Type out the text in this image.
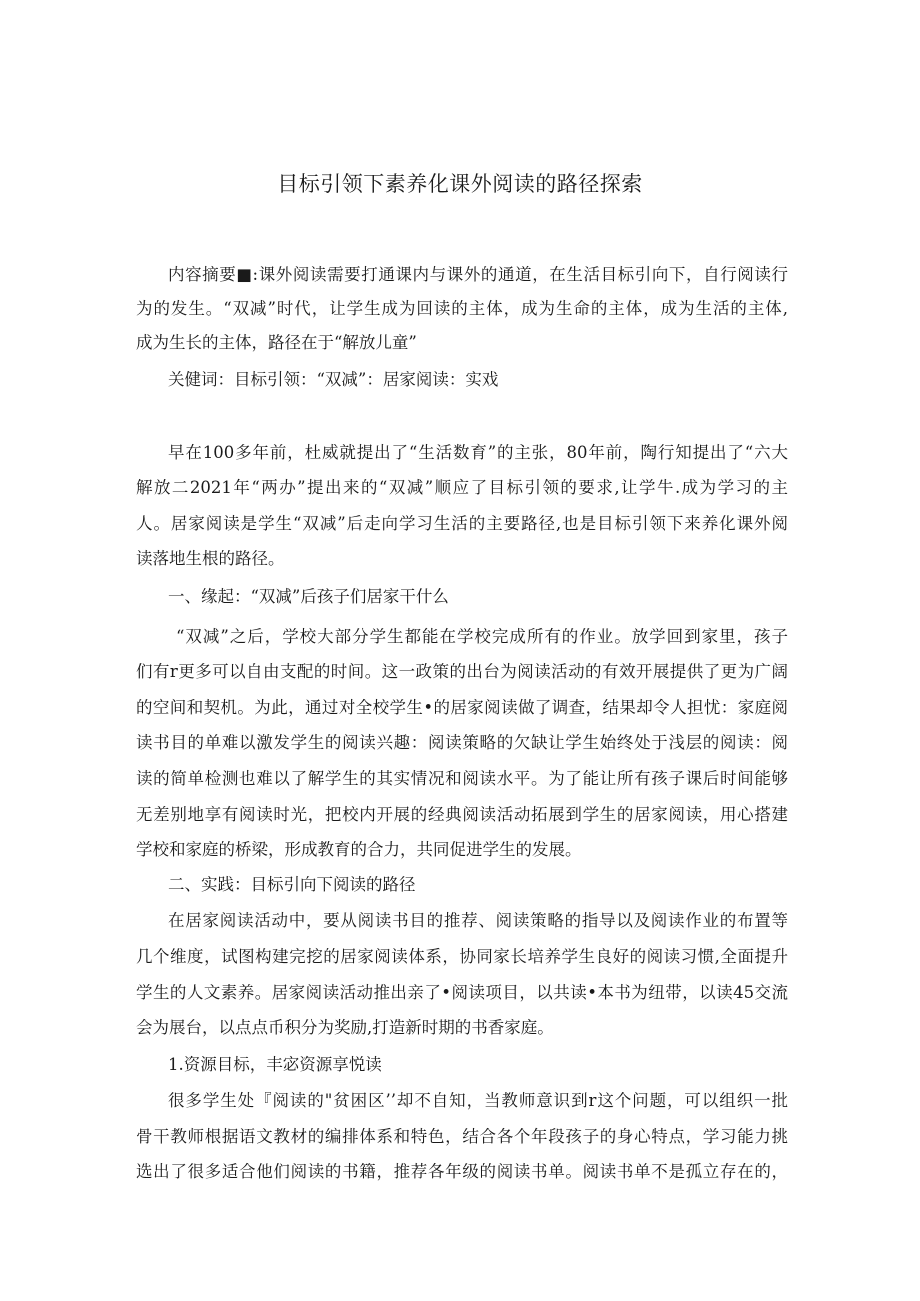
目标引领下素养化课外阅读的路径探索
内容摘要■:课外阅读需要打通课内与课外的通道，在生活目标引向下，自行阅读行
为的发生。“双减”时代，让学生成为回读的主体，成为生命的主体，成为生活的主体,
成为生长的主体，路径在于“解放儿童”
关健词：目标引领：“双减”：居家阅读：实戏
早在100多年前，杜威就提出了“生活数育”的主张，80年前，陶行知提出了“六大
解放二2021年“两办”提出来的“双减”顺应了目标引领的要求,让学牛.成为学习的主
人。居家阅读是学生“双减”后走向学习生活的主要路径,也是目标引领下来养化课外阅
读落地生根的路径。
一、缘起：“双减”后孩子们居家干什么
“双减”之后，学校大部分学生都能在学校完成所有的作业。放学回到家里，孩子
们有r更多可以自由支配的时间。这一政策的出台为阅读活动的有效开展提供了更为广阔
的空间和契机。为此，通过对全校学生•的居家阅读做了调查，结果却令人担忧：家庭阅
读书目的单难以激发学生的阅读兴趣：阅读策略的欠缺让学生始终处于浅层的阅读：阅
读的简单检测也难以了解学生的其实情况和阅读水平。为了能让所有孩子课后时间能够
无差别地享有阅读时光，把校内开展的经典阅读活动拓展到学生的居家阅读，用心搭建
学校和家庭的桥梁，形成教育的合力，共同促进学生的发展。
二、实践：目标引向下阅读的路径
在居家阅读活动中，要从阅读书目的推荐、阅读策略的指导以及阅读作业的布置等
几个维度，试图构建完挖的居家阅读体系，协同家长培养学生良好的阅读习惯,全面提升
学生的人文素养。居家阅读活动推出亲了•阅读项目，以共读•本书为纽带，以读45交流
会为展台，以点点币积分为奖励,打造新时期的书香家庭。
1.资源目标，丰宓资源享悦读
很多学生处『阅读的"贫困区’’却不自知，当教师意识到r这个问题，可以组织一批
骨干教师根据语文教材的编排体系和特色，结合各个年段孩子的身心特点，学习能力挑
选出了很多适合他们阅读的书籍，推荐各年级的阅读书单。阅读书单不是孤立存在的，
